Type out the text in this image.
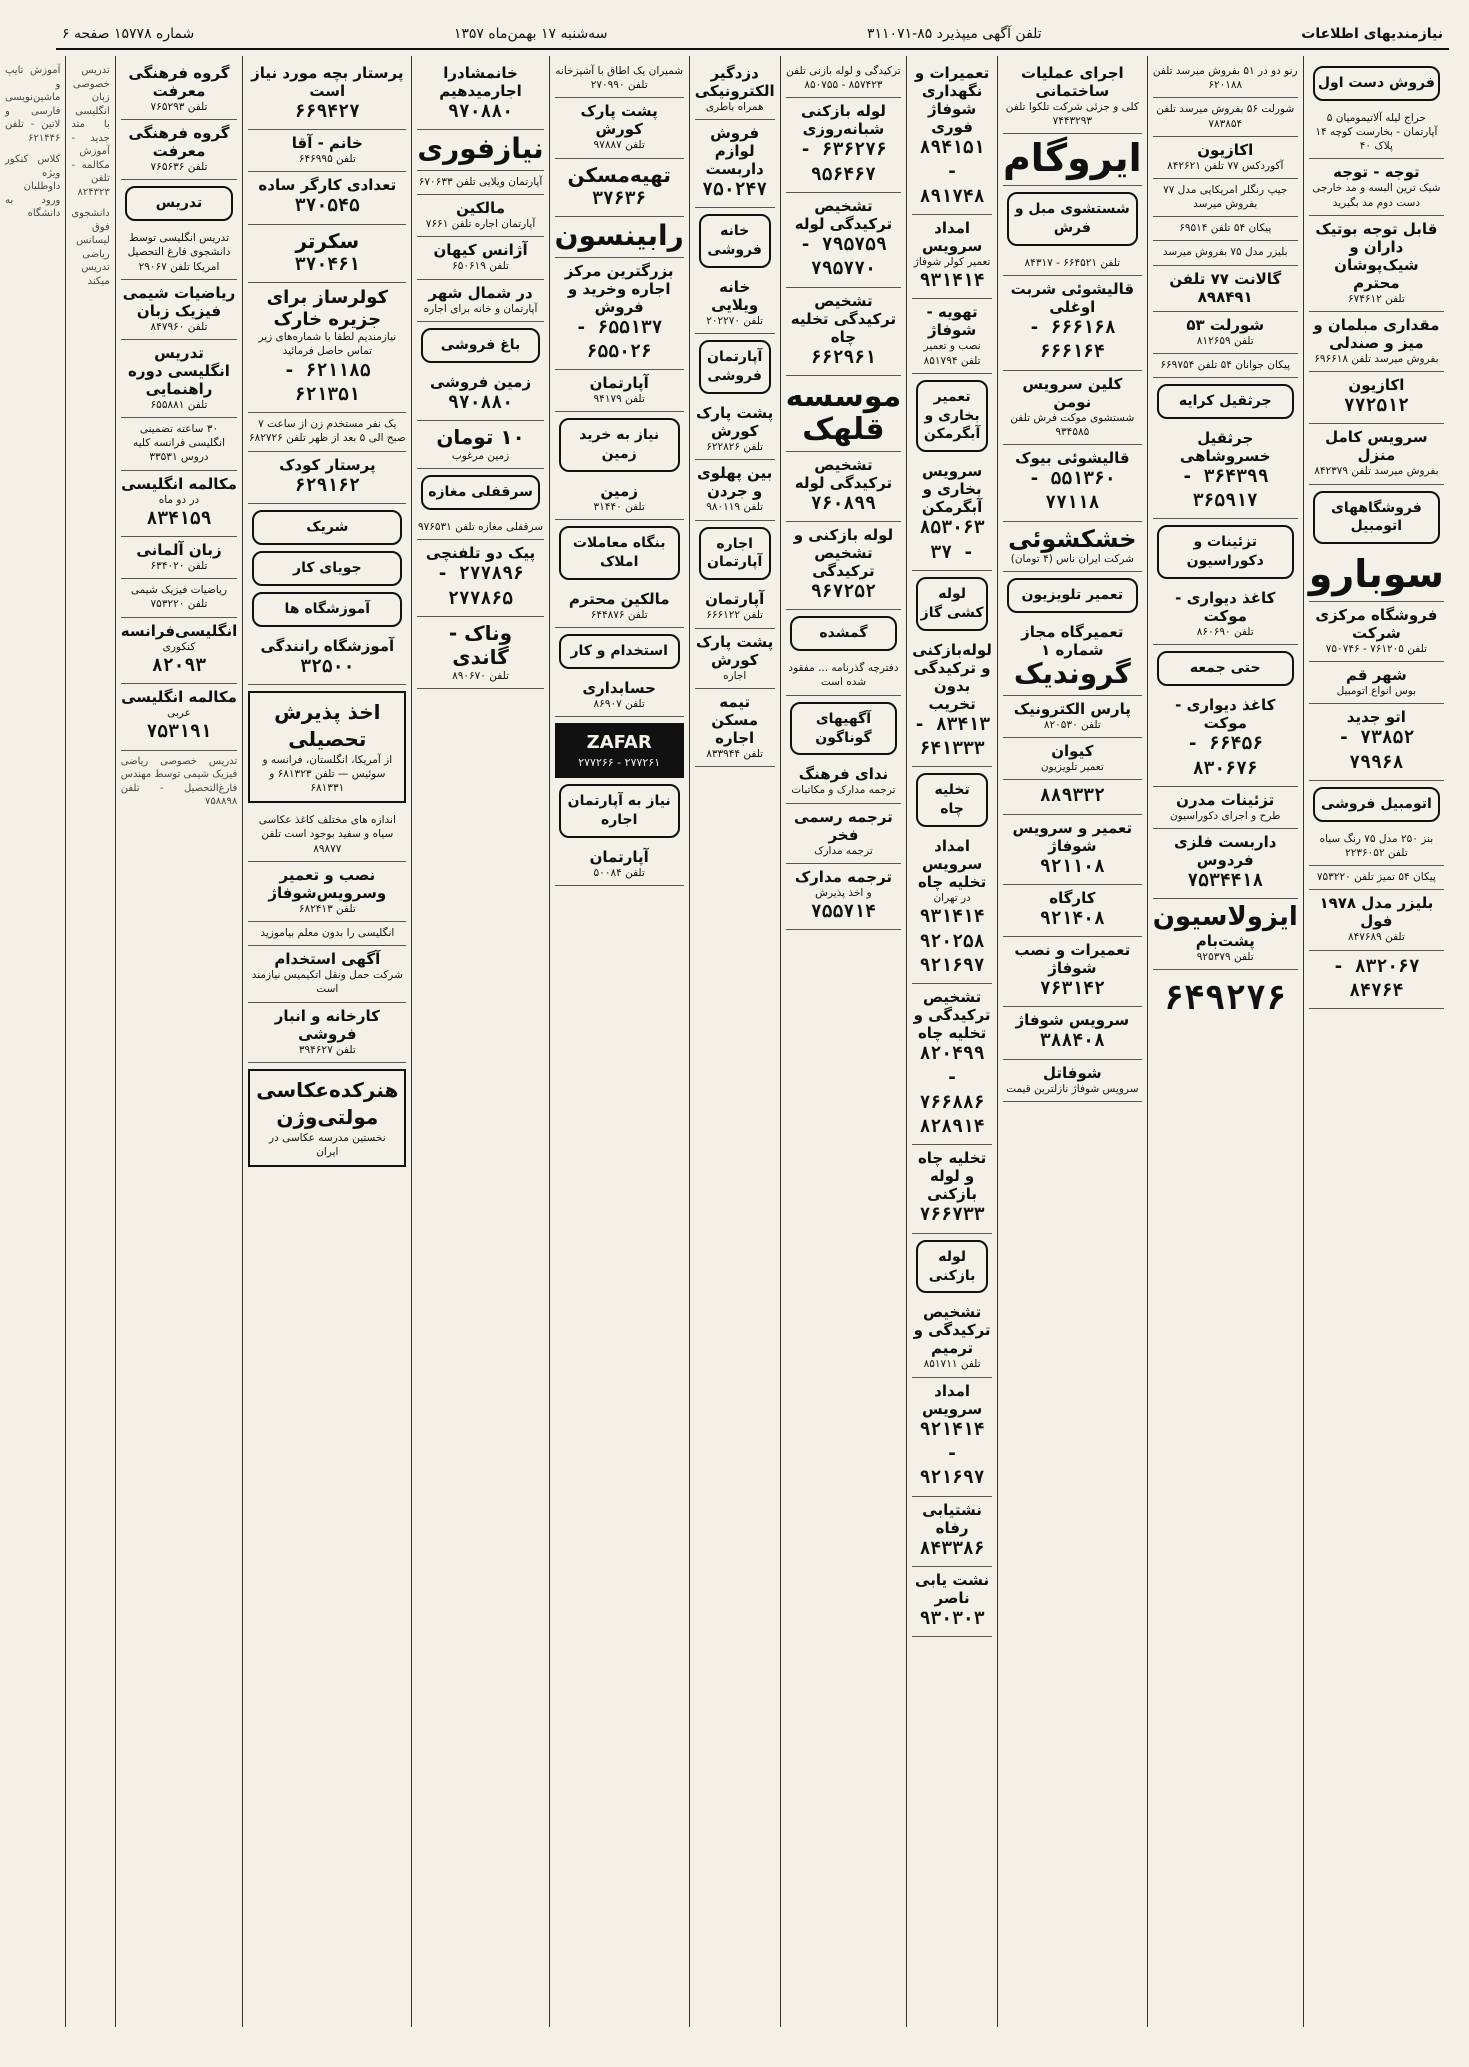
نیازمندیهای اطلاعات
تلفن آگهی میپذیرد ۸۵-۳۱۱۰۷۱
سه‌شنبه ۱۷ بهمن‌ماه ۱۳۵۷
شماره ۱۵۷۷۸ صفحه ۶
فروش دست اول
حراج لیله آلاتیمومیان ۵ آپارتمان - بخارست کوچه ۱۴ پلاک ۴۰
توجه - توجه
شیک ترین البسه و مد خارجی دست دوم مد بگیرید
قابل توجه بوتیک داران و شیک‌پوشان محترم
تلفن ۶۷۴۶۱۲
مقداری مبلمان و میز و صندلی
بفروش میرسد تلفن ۶۹۶۶۱۸
اکازیون
۷۷۲۵۱۲
سرویس کامل منزل
بفروش میرسد تلفن ۸۴۲۳۷۹
فروشگاههای اتومبیل
سوبارو
فروشگاه مرکزی شرکت
تلفن ۷۶۱۲۰۵ - ۷۵۰۷۴۶
شهر قم
بوس انواع اتومبیل
اتو جدید
۷۳۸۵۲ - ۷۹۹۶۸
اتومبیل فروشی
بنز ۲۵۰ مدل ۷۵ رنگ سیاه تلفن ۲۲۳۶۰۵۲
پیکان ۵۴ تمیز تلفن ۷۵۳۲۲۰
بلیزر مدل ۱۹۷۸ فول
تلفن ۸۴۷۶۸۹
۸۳۲۰۶۷ - ۸۴۷۶۴
رنو دو در ۵۱ بفروش میرسد تلفن ۶۲۰۱۸۸
شورلت ۵۶ بفروش میرسد تلفن ۷۸۳۸۵۴
اکازیون
آکوردکس ۷۷ تلفن ۸۴۲۶۲۱
جیپ رنگلر امریکایی مدل ۷۷ بفروش میرسد
پیکان ۵۴ تلفن ۶۹۵۱۴
بلیزر مدل ۷۵ بفروش میرسد
گالانت ۷۷ تلفن ۸۹۸۴۹۱
شورلت ۵۳
تلفن ۸۱۲۶۵۹
پیکان جوانان ۵۴ تلفن ۶۶۹۷۵۴
جرثقیل کرایه
جرثقیل خسروشاهی
۳۶۴۳۹۹ - ۳۶۵۹۱۷
تزئینات و دکوراسیون
کاغذ دیواری - موکت
تلفن ۸۶۰۶۹۰
حتی جمعه
کاغذ دیواری - موکت
۶۶۴۵۶ - ۸۳۰۶۷۶
تزئینات مدرن
طرح و اجرای دکوراسیون
داربست فلزی فردوس
۷۵۳۴۴۱۸
ایزولاسیون
پشت‌بام
تلفن ۹۲۵۳۷۹
۶۴۹۲۷۶
اجرای عملیات ساختمانی
کلی و جزئی شرکت تلکوا تلفن ۷۴۴۳۲۹۳
ایروگام
شستشوی مبل و فرش
تلفن ۶۶۴۵۲۱ - ۸۴۳۱۷
قالیشوئی شربت اوغلی
۶۶۶۱۶۸ - ۶۶۶۱۶۴
کلین سرویس نومن
شستشوی موکت فرش تلفن ۹۳۴۵۸۵
قالیشوئی بیوک
۵۵۱۳۶۰ - ۷۷۱۱۸
خشکشوئی
شرکت ایران ناس (۴ تومان)
تعمیر تلویزیون
تعمیرگاه مجاز شماره ۱
گروندیک
پارس الکترونیک
تلفن ۸۲۰۵۳۰
کیوان
تعمیر تلویزیون
۸۸۹۳۳۲
تعمیر و سرویس شوفاژ
۹۲۱۱۰۸
کارگاه
۹۲۱۴۰۸
تعمیرات و نصب شوفاژ
۷۶۳۱۴۲
سرویس شوفاژ
۳۸۸۴۰۸
شوفاتل
سرویس شوفاژ نازلترین قیمت
تعمیرات و نگهداری شوفاژ فوری
۸۹۴۱۵۱ - ۸۹۱۷۴۸
امداد سرویس
تعمیر کولر شوفاژ
۹۳۱۴۱۴
تهویه - شوفاژ
نصب و تعمیر تلفن ۸۵۱۷۹۴
تعمیر بخاری و آبگرمکن
سرویس بخاری و آبگرمکن
۸۵۳۰۶۳ - ۳۷
لوله کشی گاز
لوله‌بازکنی و ترکیدگی بدون تخریب
۸۳۴۱۳ - ۶۴۱۳۳۳
تخلیه چاه
امداد سرویس تخلیه چاه
در تهران
۹۳۱۴۱۴
۹۲۰۲۵۸
۹۲۱۶۹۷
تشخیص ترکیدگی و تخلیه چاه
۸۲۰۴۹۹ - ۷۶۶۸۸۶
۸۲۸۹۱۴
تخلیه چاه و لوله بازکنی
۷۶۶۷۳۳
لوله بازکنی
تشخیص ترکیدگی و ترمیم
تلفن ۸۵۱۷۱۱
امداد سرویس
۹۲۱۴۱۴ - ۹۲۱۶۹۷
نشتیابی رفاه
۸۴۳۳۸۶
نشت یابی ناصر
۹۳۰۳۰۳
ترکیدگی و لوله بازنی تلفن ۸۵۷۴۲۳ - ۸۵۰۷۵۵
لوله بازکنی شبانه‌روزی
۶۳۶۲۷۶ - ۹۵۶۴۶۷
تشخیص ترکیدگی لوله
۷۹۵۷۵۹ - ۷۹۵۷۷۰
تشخیص ترکیدگی تخلیه چاه
۶۶۲۹۶۱
موسسه قلهک
تشخیص ترکیدگی لوله
۷۶۰۸۹۹
لوله بازکنی و تشخیص ترکیدگی
۹۶۷۲۵۲
گمشده
دفترچه گذرنامه ... مفقود شده است
آگهیهای گوناگون
ندای فرهنگ
ترجمه مدارک و مکاتبات
ترجمه رسمی فخر
ترجمه مدارک
ترجمه مدارک
و اخذ پذیرش
۷۵۵۷۱۴
دزدگیر الکترونیکی
همراه باطری
فروش لوازم داربست
۷۵۰۲۴۷
خانه فروشی
خانه ویلایی
تلفن ۲۰۲۲۷۰
آپارتمان فروشی
پشت پارک کورش
تلفن ۶۲۲۸۲۶
بین پهلوی و جردن
تلفن ۹۸۰۱۱۹
اجاره آپارتمان
آپارتمان
تلفن ۶۶۶۱۲۲
پشت پارک کورش
اجاره
تیمه مسکن اجاره
تلفن ۸۳۳۹۴۴
شمیران یک اطاق با آشپزخانه تلفن ۲۷۰۹۹۰
پشت پارک کورش
تلفن ۹۷۸۸۷
تهیه‌مسکن
۳۷۶۳۶
رابینسون
بزرگترین مرکز اجاره وخرید و فروش
۶۵۵۱۳۷ - ۶۵۵۰۲۶
آپارتمان
تلفن ۹۴۱۷۹
نیاز به خرید زمین
زمین
تلفن ۳۱۴۴۰
بنگاه معاملات املاک
مالکین محترم
تلفن ۶۴۴۸۷۶
استخدام و کار
حسابداری
تلفن ۸۶۹۰۷
ZAFAR
۲۷۷۲۶۱ - ۲۷۷۲۶۶
نیاز به آپارتمان اجاره
آپارتمان
تلفن ۵۰۰۸۴
خانمشادرا اجارمیدهیم
۹۷۰۸۸۰
نیازفوری
آپارتمان ویلایی تلفن ۶۷۰۶۳۳
مالکین
آپارتمان اجاره تلفن ۷۶۶۱
آژانس کیهان
تلفن ۶۵۰۶۱۹
در شمال شهر
آپارتمان و خانه برای اجاره
باغ فروشی
زمین فروشی
۹۷۰۸۸۰
۱۰ تومان
زمین مرغوب
سرقفلی مغازه
سرقفلی مغازه تلفن ۹۷۶۵۳۱
پیک دو تلفنچی
۲۷۷۸۹۶ - ۲۷۷۸۶۵
وناک - گاندی
تلفن ۸۹۰۶۷۰
پرستار بچه مورد نیاز است
۶۶۹۴۲۷
خانم - آقا
تلفن ۶۴۶۹۹۵
تعدادی کارگر ساده
۳۷۰۵۴۵
سکرتر
۳۷۰۴۶۱
کولرساز برای جزیره خارک
نیازمندیم لطفا با شماره‌های زیر تماس حاصل فرمائید
۶۲۱۱۸۵ - ۶۲۱۳۵۱
یک نفر مستخدم زن از ساعت ۷ صبح الی ۵ بعد از ظهر تلفن ۶۸۲۷۲۶
پرستار کودک
۶۲۹۱۶۲
شریک
جویای کار
آموزشگاه ها
آموزشگاه رانندگی
۳۲۵۰۰
اخذ پذیرش تحصیلی
از آمریکا، انگلستان، فرانسه و سوئیس — تلفن ۶۸۱۳۲۳ و ۶۸۱۳۳۱
اندازه های مختلف کاغذ عکاسی سیاه و سفید بوجود است تلفن ۸۹۸۷۷
نصب و تعمیر وسرویس‌شوفاژ
تلفن ۶۸۲۴۱۳
انگلیسی را بدون معلم بیاموزید
آگهی استخدام
شرکت حمل ونقل اتکیمیس نیازمند است
کارخانه و انبار فروشی
تلفن ۳۹۴۶۲۷
هنرکده‌عکاسی مولتی‌وژن
نخستین مدرسه عکاسی در ایران
گروه فرهنگی معرفت
تلفن ۷۶۵۲۹۳
گروه فرهنگی معرفت
تلفن ۷۶۵۶۳۶
تدریس
تدریس انگلیسی توسط دانشجوی فارغ التحصیل امریکا تلفن ۲۹۰۶۷
ریاضیات شیمی فیزیک زبان
تلفن ۸۴۷۹۶۰
تدریس انگلیسی دوره راهنمایی
تلفن ۶۵۵۸۸۱
۳۰ ساعته تضمینی انگلیسی فرانسه کلیه دروس ۳۳۵۳۱
مکالمه انگلیسی
در دو ماه
۸۳۴۱۵۹
زبان آلمانی
تلفن ۶۳۴۰۲۰
ریاضیات فیزیک شیمی تلفن ۷۵۳۲۲۰
انگلیسی‌فرانسه
کنکوری
۸۲۰۹۳
مکالمه انگلیسی
عربی
۷۵۳۱۹۱
تدریس خصوصی ریاضی فیزیک شیمی توسط مهندس فارغ‌التحصیل - تلفن ۷۵۸۸۹۸
تدریس خصوصی زبان انگلیسی با متد جدید - آموزش مکالمه - تلفن ۸۲۴۳۲۳
دانشجوی فوق لیسانس ریاضی تدریس میکند
آموزش تایپ و ماشین‌نویسی فارسی و لاتین - تلفن ۶۲۱۴۴۶
کلاس کنکور ویژه داوطلبان ورود به دانشگاه
